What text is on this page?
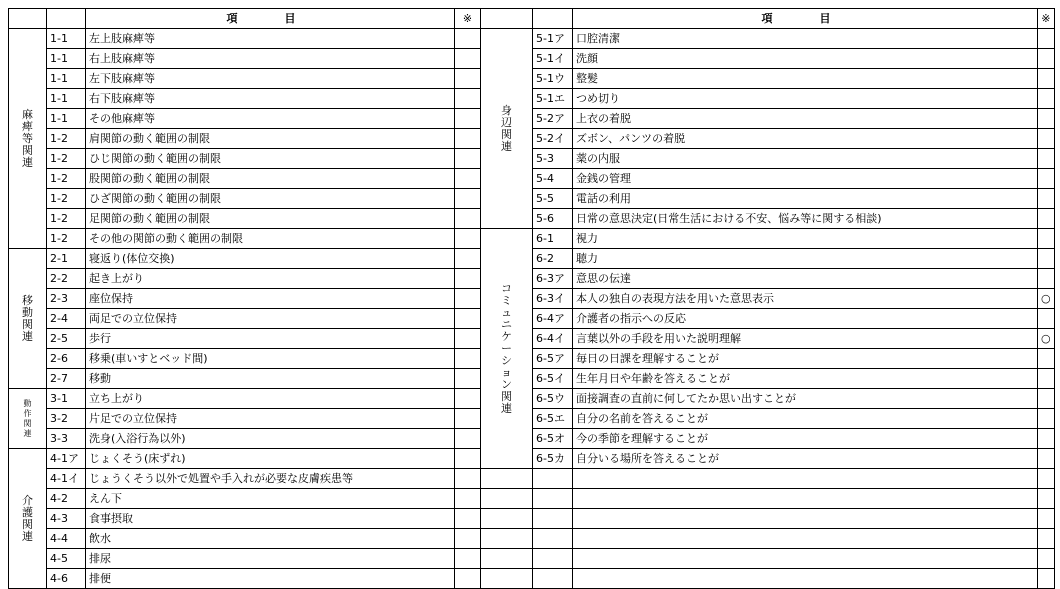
		項　目	※			項　目	※
麻痺等関連	1-1	左上肢麻痺等		身辺関連	5-1ア	口腔清潔	
	1-1	右上肢麻痺等			5-1イ	洗顔	
	1-1	左下肢麻痺等			5-1ウ	整髪	
	1-1	右下肢麻痺等			5-1エ	つめ切り	
	1-1	その他麻痺等			5-2ア	上衣の着脱	
	1-2	肩関節の動く範囲の制限			5-2イ	ズボン、パンツの着脱	
	1-2	ひじ関節の動く範囲の制限			5-3	薬の内服	
	1-2	股関節の動く範囲の制限			5-4	金銭の管理	
	1-2	ひざ関節の動く範囲の制限			5-5	電話の利用	
	1-2	足関節の動く範囲の制限			5-6	日常の意思決定(日常生活における不安、悩み等に関する相談)	
	1-2	その他の関節の動く範囲の制限		コミュニケーション関連	6-1	視力	
移動関連	2-1	寝返り(体位交換)			6-2	聴力	
	2-2	起き上がり			6-3ア	意思の伝達	
	2-3	座位保持			6-3イ	本人の独自の表現方法を用いた意思表示	○
	2-4	両足での立位保持			6-4ア	介護者の指示への反応	
	2-5	歩行			6-4イ	言葉以外の手段を用いた説明理解	○
	2-6	移乗(車いすとベッド間)			6-5ア	毎日の日課を理解することが	
	2-7	移動			6-5イ	生年月日や年齢を答えることが	
動作関連	3-1	立ち上がり			6-5ウ	面接調査の直前に何してたか思い出すことが	
	3-2	片足での立位保持			6-5エ	自分の名前を答えることが	
	3-3	洗身(入浴行為以外)			6-5オ	今の季節を理解することが	
介護関連	4-1ア	じょくそう(床ずれ)			6-5カ	自分いる場所を答えることが	
	4-1イ	じょうくそう以外で処置や手入れが必要な皮膚疾患等					
	4-2	えん下					
	4-3	食事摂取					
	4-4	飲水					
	4-5	排尿					
	4-6	排便					
